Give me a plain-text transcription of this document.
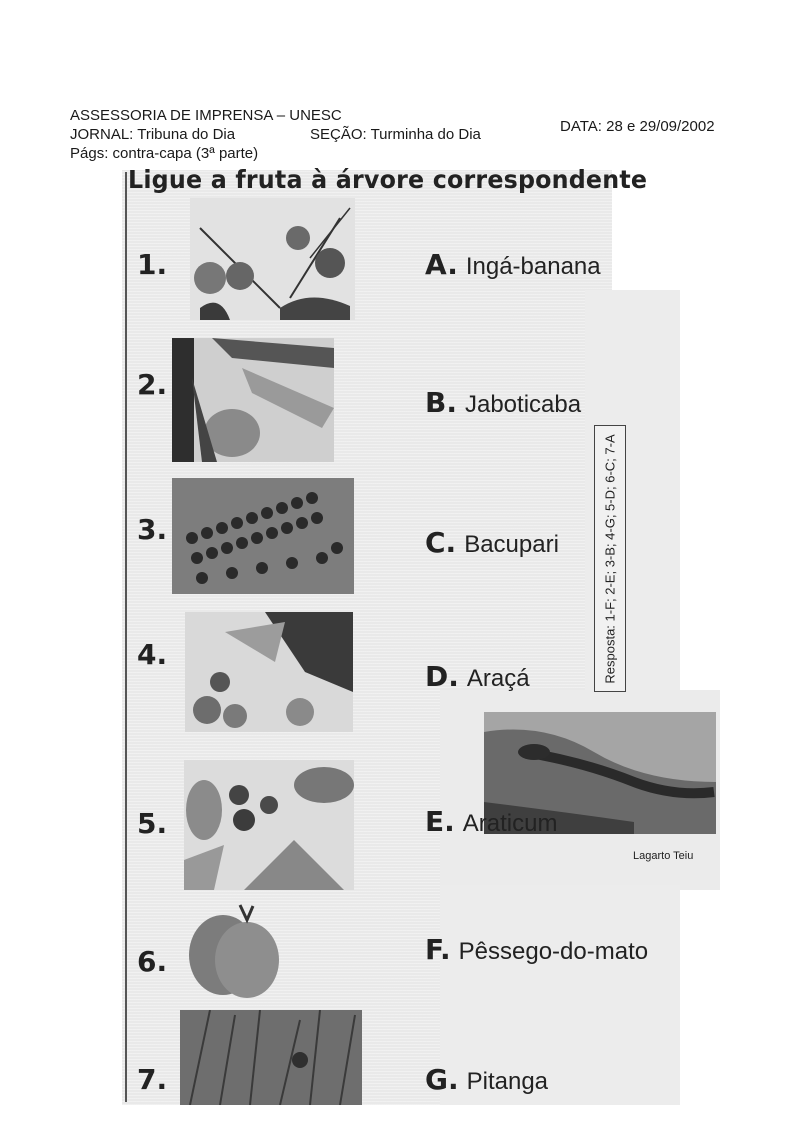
ASSESSORIA DE IMPRENSA – UNESC
JORNAL: Tribuna do Dia	SEÇÃO: Turminha do Dia	DATA: 28 e 29/09/2002
Págs: contra-capa (3ª parte)
Ligue a fruta à árvore correspondente
Lagarto Teiu
1.
2.
3.
4.
5.
6.
7.
A. Ingá-banana
B. Jaboticaba
C. Bacupari
D. Araçá
E. Araticum
F. Pêssego-do-mato
G. Pitanga
Resposta: 1-F; 2-E; 3-B; 4-G; 5-D; 6-C; 7-A
